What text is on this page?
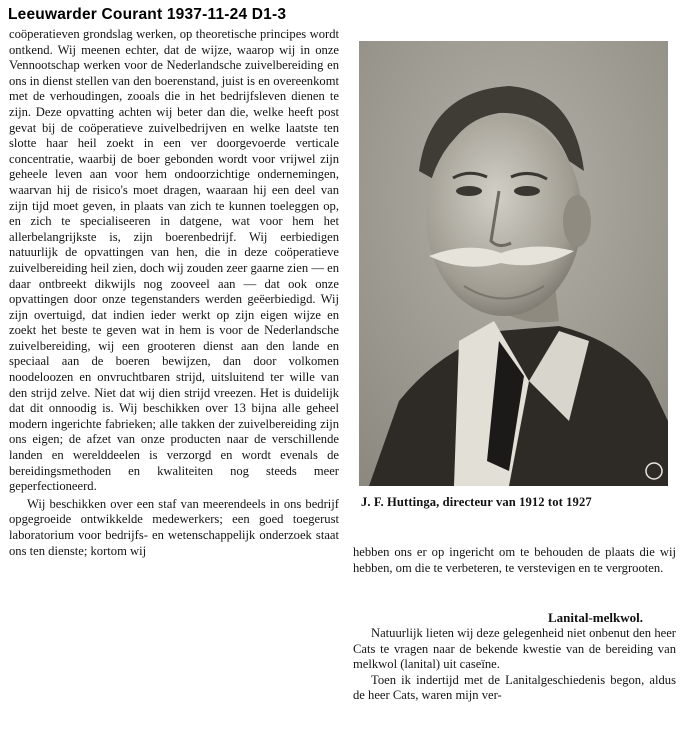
Leeuwarder Courant 1937-11-24 D1-3

coöperatieven grondslag werken, op theoretische principes wordt ontkend. Wij meenen echter, dat de wijze, waarop wij in onze Vennootschap werken voor de Nederlandsche zuivelbereiding en ons in dienst stellen van den boerenstand, juist is en overeenkomt met de verhoudingen, zooals die in het bedrijfsleven dienen te zijn. Deze opvatting achten wij beter dan die, welke heeft post gevat bij de coöperatieve zuivelbedrijven en welke laatste ten slotte haar heil zoekt in een ver doorgevoerde verticale concentratie, waarbij de boer gebonden wordt voor vrijwel zijn geheele leven aan voor hem ondoorzichtige ondernemingen, waarvan hij de risico's moet dragen, waaraan hij een deel van zijn tijd moet geven, in plaats van zich te kunnen toeleggen op, en zich te specialiseeren in datgene, wat voor hem het allerbelangrijkste is, zijn boerenbedrijf. Wij eerbiedigen natuurlijk de opvattingen van hen, die in deze coöperatieve zuivelbereiding heil zien, doch wij zouden zeer gaarne zien — en daar ontbreekt dikwijls nog zooveel aan — dat ook onze opvattingen door onze tegenstanders werden geëerbiedigd. Wij zijn overtuigd, dat indien ieder werkt op zijn eigen wijze en zoekt het beste te geven wat in hem is voor de Nederlandsche zuivelbereiding, wij een grooteren dienst aan den lande en speciaal aan de boeren bewijzen, dan door volkomen noodeloozen en onvruchtbaren strijd, uitsluitend ter wille van den strijd zelve. Niet dat wij dien strijd vreezen. Het is duidelijk dat dit onnoodig is. Wij beschikken over 13 bijna alle geheel modern ingerichte fabrieken; alle takken der zuivelbereiding zijn ons eigen; de afzet van onze producten naar de verschillende landen en werelddeelen is verzorgd en wordt evenals de bereidingsmethoden en kwaliteiten nog steeds meer geperfectioneerd.

Wij beschikken over een staf van meerendeels in ons bedrijf opgegroeide ontwikkelde medewerkers; een goed toegerust laboratorium voor bedrijfs- en wetenschappelijk onderzoek staat ons ten dienste; kortom wij

J. F. Huttinga, directeur van 1912 tot 1927

hebben ons er op ingericht om te behouden de plaats die wij hebben, om die te verbeteren, te verstevigen en te vergrooten.

Lanital-melkwol.

Natuurlijk lieten wij deze gelegenheid niet onbenut den heer Cats te vragen naar de bekende kwestie van de bereiding van melkwol (lanital) uit caseïne.

Toen ik indertijd met de Lanitalgeschiedenis begon, aldus de heer Cats, waren mijn ver-
